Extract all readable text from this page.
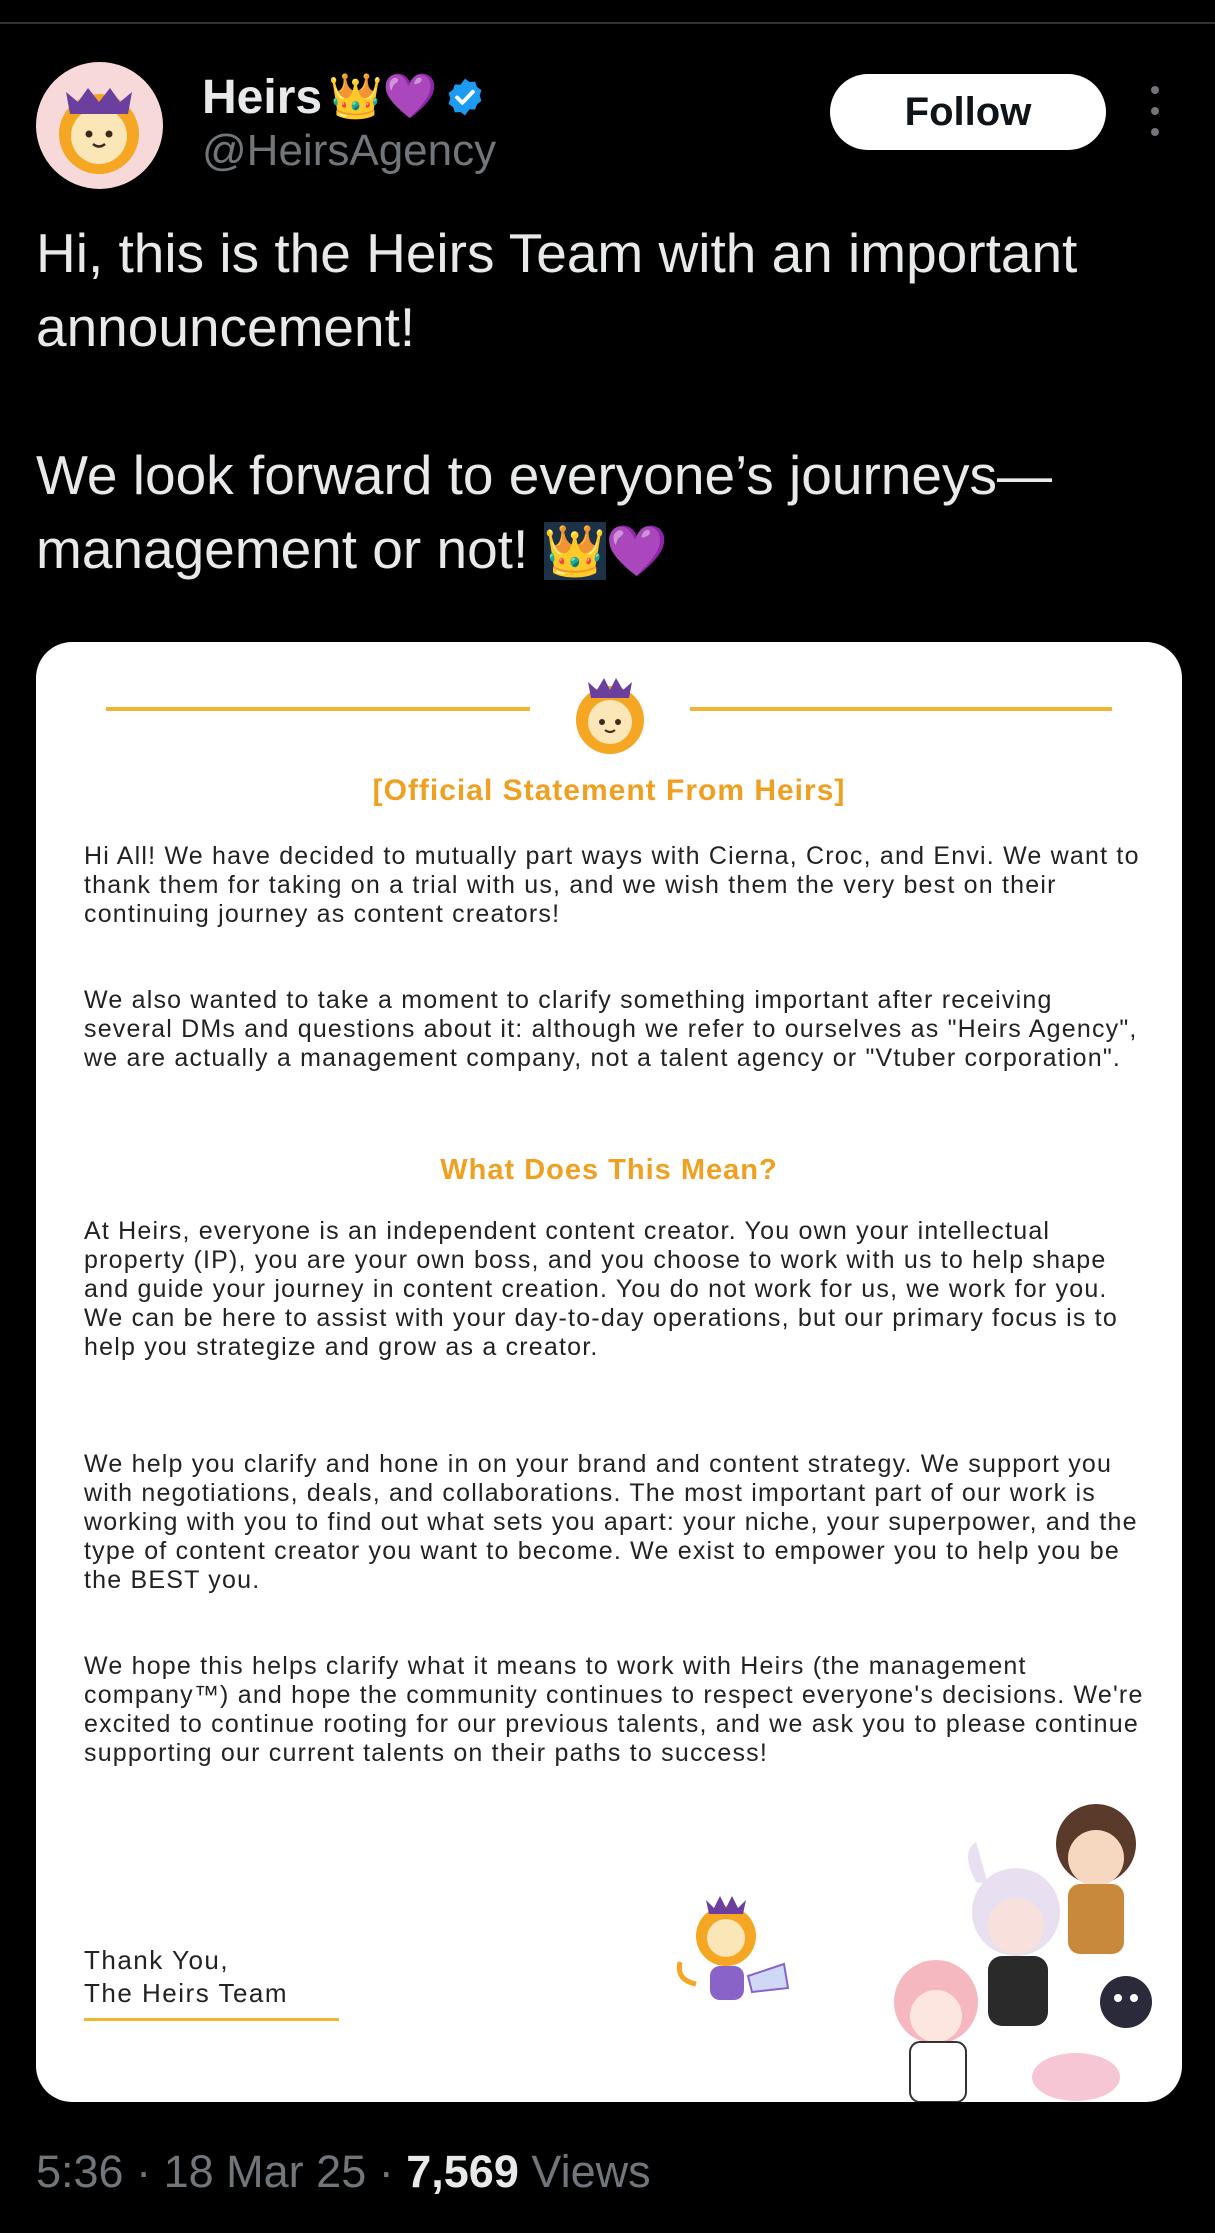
Heirs 👑💜
@HeirsAgency
Follow

Hi, this is the Heirs Team with an important announcement!

We look forward to everyone’s journeys—management or not! 👑💜

[Official Statement From Heirs]

Hi All! We have decided to mutually part ways with Cierna, Croc, and Envi. We want to thank them for taking on a trial with us, and we wish them the very best on their continuing journey as content creators!

We also wanted to take a moment to clarify something important after receiving several DMs and questions about it: although we refer to ourselves as "Heirs Agency", we are actually a management company, not a talent agency or "Vtuber corporation".

What Does This Mean?

At Heirs, everyone is an independent content creator. You own your intellectual property (IP), you are your own boss, and you choose to work with us to help shape and guide your journey in content creation. You do not work for us, we work for you. We can be here to assist with your day-to-day operations, but our primary focus is to help you strategize and grow as a creator.

We help you clarify and hone in on your brand and content strategy. We support you with negotiations, deals, and collaborations. The most important part of our work is working with you to find out what sets you apart: your niche, your superpower, and the type of content creator you want to become. We exist to empower you to help you be the BEST you.

We hope this helps clarify what it means to work with Heirs (the management company™) and hope the community continues to respect everyone's decisions. We're excited to continue rooting for our previous talents, and we ask you to please continue supporting our current talents on their paths to success!

Thank You,
The Heirs Team
5:36 · 18 Mar 25 · 7,569 Views
